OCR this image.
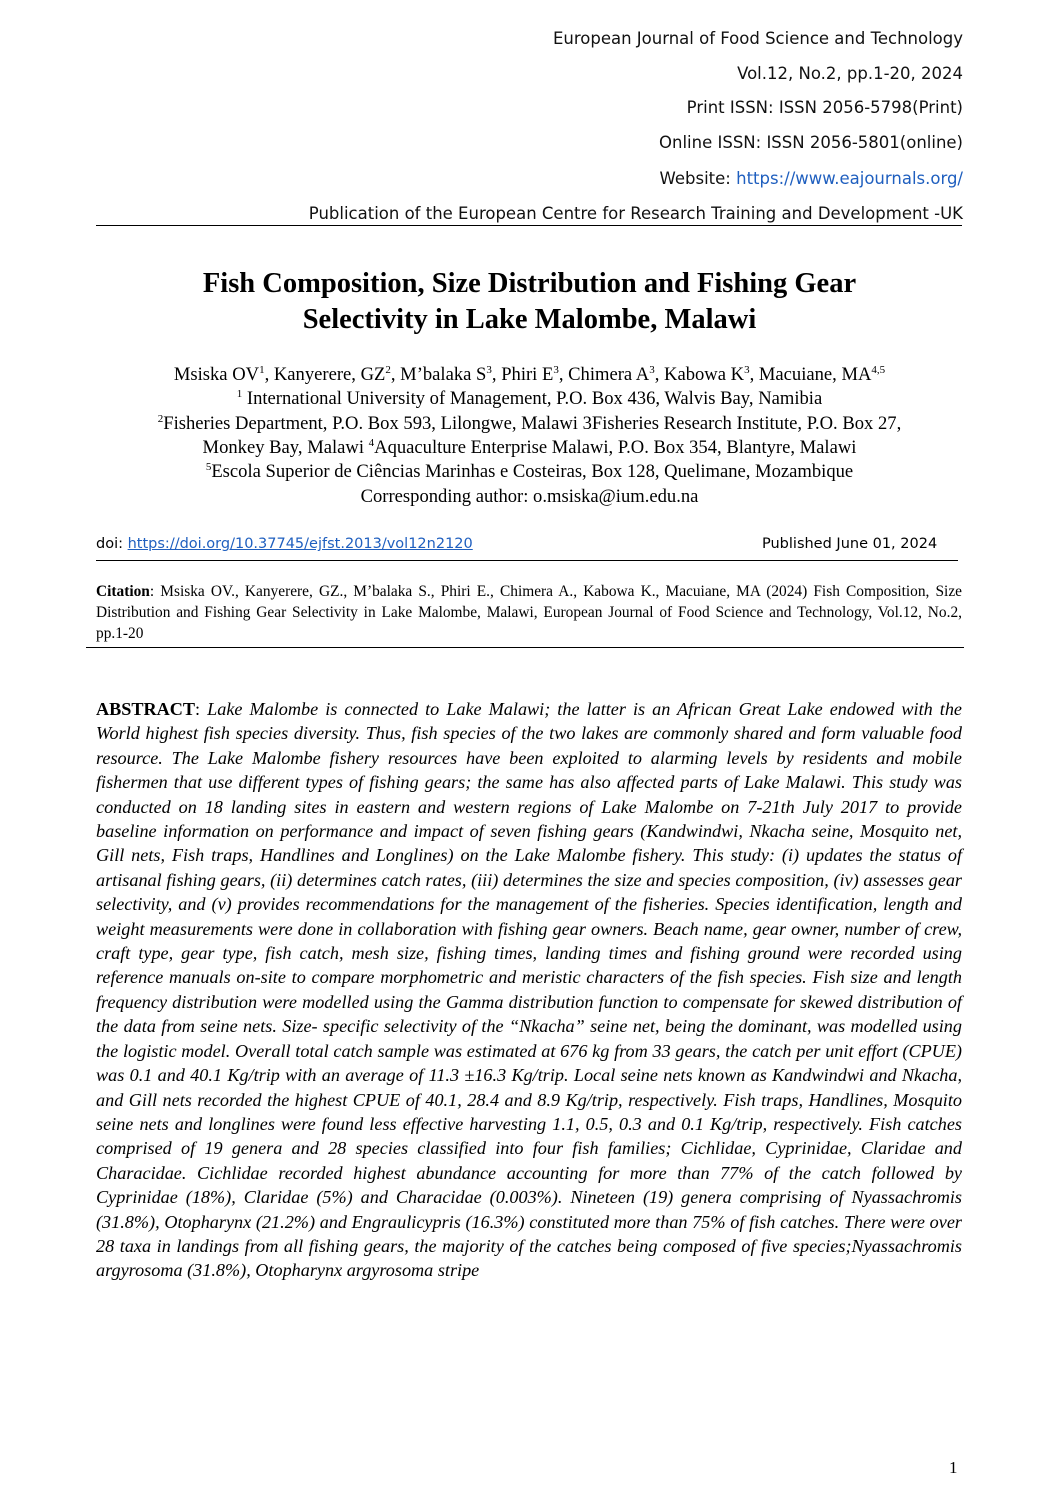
European Journal of Food Science and Technology
Vol.12, No.2, pp.1-20, 2024
Print ISSN: ISSN 2056-5798(Print)
Online ISSN: ISSN 2056-5801(online)
Website: https://www.eajournals.org/
Publication of the European Centre for Research Training and Development -UK
Fish Composition, Size Distribution and Fishing Gear
Selectivity in Lake Malombe, Malawi
Msiska $OV^1$, Kanyerere, $GZ^2$, M’balaka $S^3$, Phiri $E^3$, Chimera $A^3$, Kabowa $K^3$, Macuiane, MA$^{4,5}$
$^1$ International University of Management, P.O. Box 436, Walvis Bay, Namibia
$^2$Fisheries Department, P.O. Box 593, Lilongwe, Malawi 3Fisheries Research Institute, P.O. Box 27,
Monkey Bay, Malawi $^4$Aquaculture Enterprise Malawi, P.O. Box 354, Blantyre, Malawi
$^5$Escola Superior de Ciências Marinhas e Costeiras, Box 128, Quelimane, Mozambique
Corresponding author: o.msiska@ium.edu.na
doi: https://doi.org/10.37745/ejfst.2013/vol12n2120	Published June 01, 2024
Citation: Msiska OV., Kanyerere, GZ., M’balaka S., Phiri E., Chimera A., Kabowa K., Macuiane, MA (2024) Fish Composition, Size Distribution and Fishing Gear Selectivity in Lake Malombe, Malawi, European Journal of Food Science and Technology, Vol.12, No.2, pp.1-20
ABSTRACT: Lake Malombe is connected to Lake Malawi; the latter is an African Great Lake endowed with the World highest fish species diversity. Thus, fish species of the two lakes are commonly shared and form valuable food resource. The Lake Malombe fishery resources have been exploited to alarming levels by residents and mobile fishermen that use different types of fishing gears; the same has also affected parts of Lake Malawi. This study was conducted on 18 landing sites in eastern and western regions of Lake Malombe on 7-21th July 2017 to provide baseline information on performance and impact of seven fishing gears (Kandwindwi, Nkacha seine, Mosquito net, Gill nets, Fish traps, Handlines and Longlines) on the Lake Malombe fishery. This study: (i) updates the status of artisanal fishing gears, (ii) determines catch rates, (iii) determines the size and species composition, (iv) assesses gear selectivity, and (v) provides recommendations for the management of the fisheries. Species identification, length and weight measurements were done in collaboration with fishing gear owners. Beach name, gear owner, number of crew, craft type, gear type, fish catch, mesh size, fishing times, landing times and fishing ground were recorded using reference manuals on-site to compare morphometric and meristic characters of the fish species. Fish size and length frequency distribution were modelled using the Gamma distribution function to compensate for skewed distribution of the data from seine nets. Size- specific selectivity of the “Nkacha” seine net, being the dominant, was modelled using the logistic model. Overall total catch sample was estimated at 676 kg from 33 gears, the catch per unit effort (CPUE) was 0.1 and 40.1 Kg/trip with an average of 11.3 ±16.3 Kg/trip. Local seine nets known as Kandwindwi and Nkacha, and Gill nets recorded the highest CPUE of 40.1, 28.4 and 8.9 Kg/trip, respectively. Fish traps, Handlines, Mosquito seine nets and longlines were found less effective harvesting 1.1, 0.5, 0.3 and 0.1 Kg/trip, respectively. Fish catches comprised of 19 genera and 28 species classified into four fish families; Cichlidae, Cyprinidae, Claridae and Characidae. Cichlidae recorded highest abundance accounting for more than 77% of the catch followed by Cyprinidae (18%), Claridae (5%) and Characidae (0.003%). Nineteen (19) genera comprising of Nyassachromis (31.8%), Otopharynx (21.2%) and Engraulicypris (16.3%) constituted more than 75% of fish catches. There were over 28 taxa in landings from all fishing gears, the majority of the catches being composed of five species;Nyassachromis argyrosoma (31.8%), Otopharynx argyrosoma stripe
1
